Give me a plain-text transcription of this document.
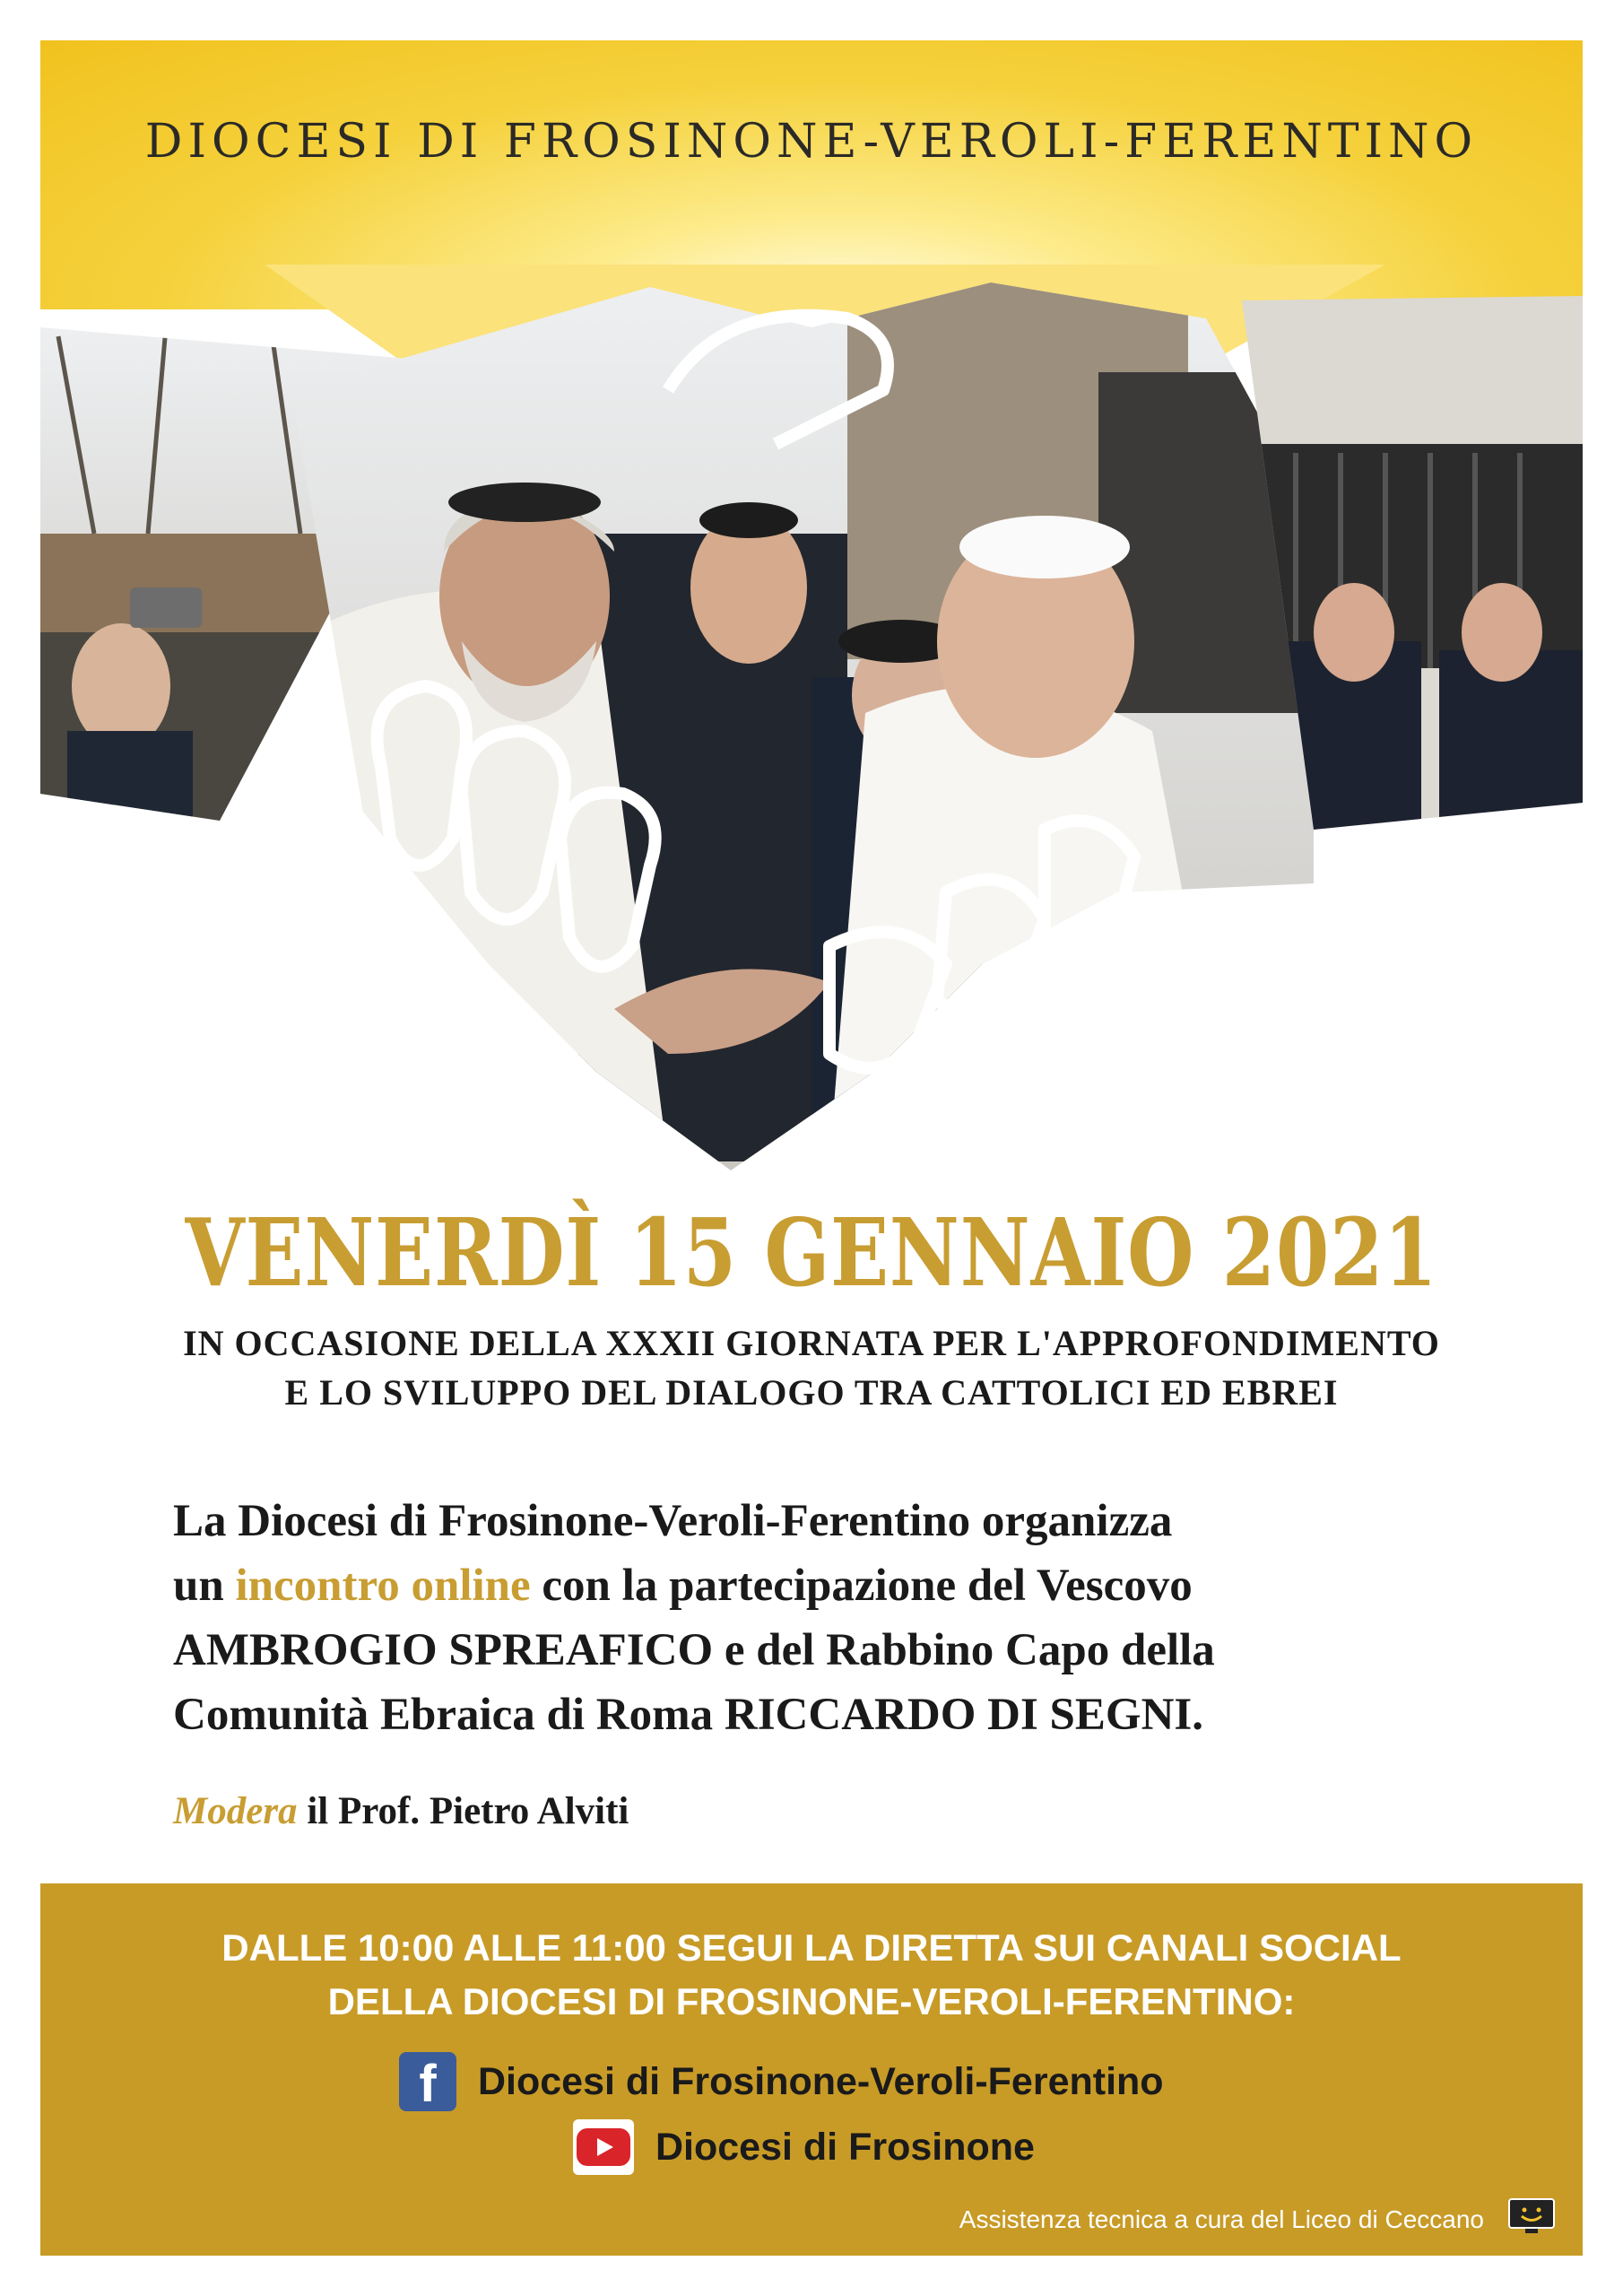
DIOCESI DI FROSINONE-VEROLI-FERENTINO
VENERDÌ 15 GENNAIO 2021
IN OCCASIONE DELLA XXXII GIORNATA PER L'APPROFONDIMENTO
E LO SVILUPPO DEL DIALOGO TRA CATTOLICI ED EBREI
La Diocesi di Frosinone-Veroli-Ferentino organizza
un incontro online con la partecipazione del Vescovo
AMBROGIO SPREAFICO e del Rabbino Capo della
Comunità Ebraica di Roma RICCARDO DI SEGNI.
Modera il Prof. Pietro Alviti
DALLE 10:00 ALLE 11:00 SEGUI LA DIRETTA SUI CANALI SOCIAL
DELLA DIOCESI DI FROSINONE-VEROLI-FERENTINO:
f Diocesi di Frosinone-Veroli-Ferentino
Diocesi di Frosinone
Assistenza tecnica a cura del Liceo di Ceccano
